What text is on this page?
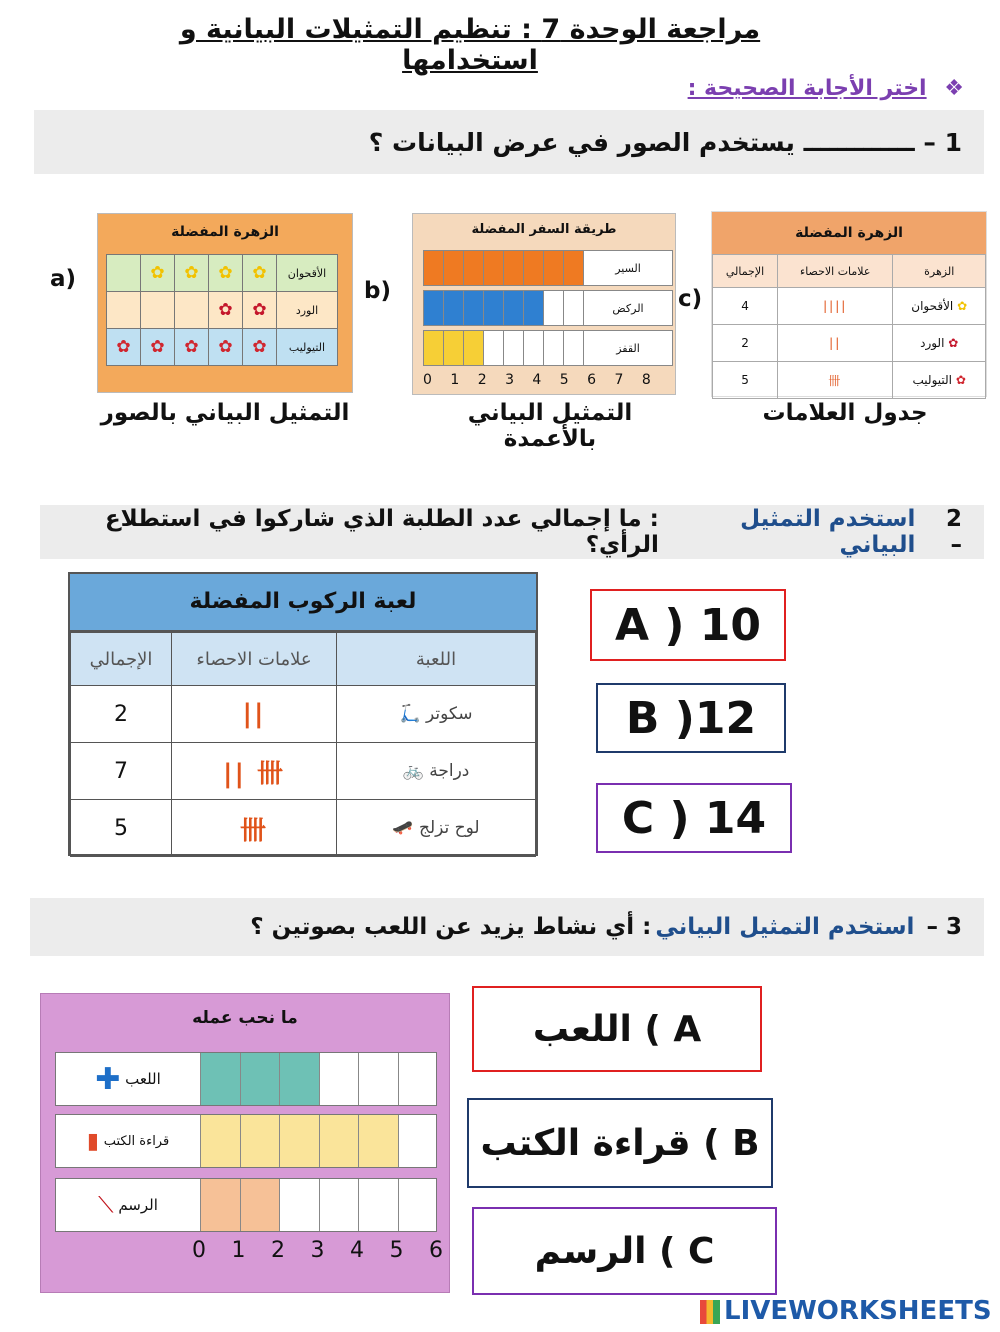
مراجعة الوحدة 7 : تنظيم التمثيلات البيانية و استخدامها
❖ اختر الأجابة الصحيحة :
1 –

ـــــــــــــ

يستخدم الصور في عرض البيانات ؟
a)
الزهرة المفضلة
الأقحوان	✿	✿	✿	✿	
الورد	✿	✿			
التيوليب	✿	✿	✿	✿	✿
التمثيل البياني بالصور
b)
طريقة السفر المفضلة
السير
الركض
القفز
0 1 2 3 4 5 6 7 8
التمثيل البياني بالأعمدة
c)
الزهرة المفضلة
الزهرة	علامات الاحصاء	الإجمالي
✿ الأقحوان	||||	4
✿ الورد	||	2
✿ التيوليب	卌	5
جدول العلامات
2 –

استخدم التمثيل البياني
: ما إجمالي عدد الطلبة الذي شاركوا في استطلاع الرأي؟
لعبة الركوب المفضلة
اللعبة	علامات الاحصاء	الإجمالي
سكوتر 🛴	||	2
دراجة 🚲	卌 ||	7
لوح تزلج 🛹	卌	5
A ) 10
B )12
C ) 14
3 –

استخدم التمثيل البياني
: أي نشاط يزيد عن اللعب بصوتين ؟
ما نحب عمله
اللعب

✚
قراءة الكتب

▮
الرسم

⟋
0 1 2 3 4 5 6
A ) اللعب
B ) قراءة الكتب
C ) الرسم
LIVEWORKSHEETS
